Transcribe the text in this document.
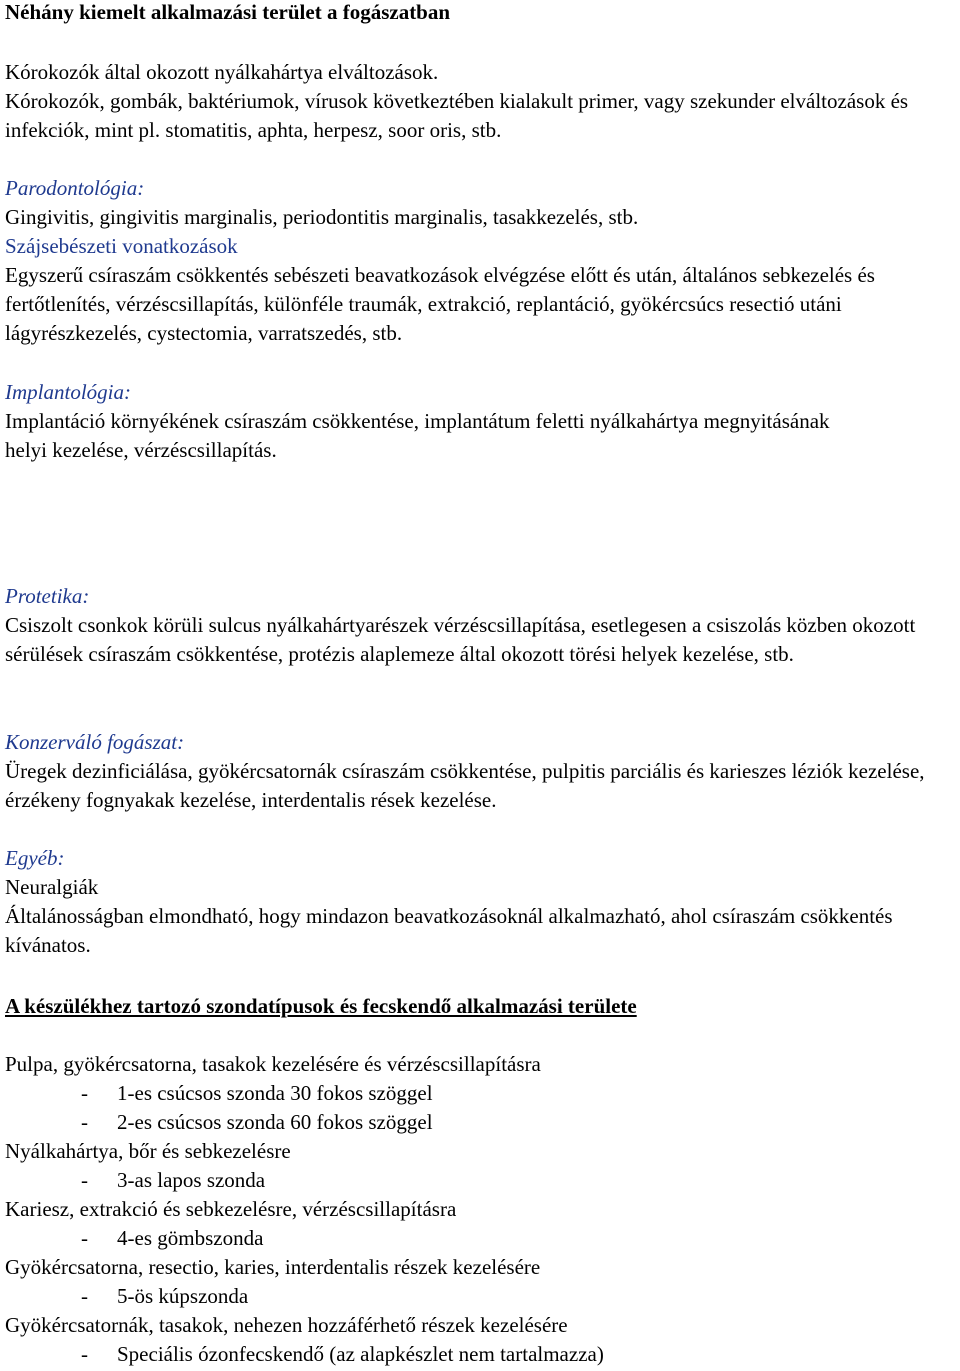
Néhány kiemelt alkalmazási terület a fogászatban

Kórokozók által okozott nyálkahártya elváltozások.

Kórokozók, gombák, baktériumok, vírusok következtében kialakult primer, vagy szekunder elváltozások és infekciók, mint pl. stomatitis, aphta, herpesz, soor oris, stb.

Parodontológia:

Gingivitis, gingivitis marginalis, periodontitis marginalis, tasakkezelés, stb.

Szájsebészeti vonatkozások

Egyszerű csíraszám csökkentés sebészeti beavatkozások elvégzése előtt és után, általános sebkezelés és fertőtlenítés, vérzéscsillapítás, különféle traumák, extrakció, replantáció, gyökércsúcs resectió utáni lágyrészkezelés, cystectomia, varratszedés, stb.

Implantológia:

Implantáció környékének csíraszám csökkentése, implantátum feletti nyálkahártya megnyitásának helyi kezelése, vérzéscsillapítás.

Protetika:

Csiszolt csonkok körüli sulcus nyálkahártyarészek vérzéscsillapítása, esetlegesen a csiszolás közben okozott sérülések csíraszám csökkentése, protézis alaplemeze által okozott törési helyek kezelése, stb.

Konzerváló fogászat:

Üregek dezinficiálása, gyökércsatornák csíraszám csökkentése, pulpitis parciális és karieszes léziók kezelése, érzékeny fognyakak kezelése, interdentalis rések kezelése.

Egyéb:

Neuralgiák

Általánosságban elmondható, hogy mindazon beavatkozásoknál alkalmazható, ahol csíraszám csökkentés kívánatos.

A készülékhez tartozó szondatípusok és fecskendő alkalmazási területe

Pulpa, gyökércsatorna, tasakok kezelésére és vérzéscsillapításra

- 1-es csúcsos szonda 30 fokos szöggel
- 2-es csúcsos szonda 60 fokos szöggel

Nyálkahártya, bőr és sebkezelésre

- 3-as lapos szonda

Kariesz, extrakció és sebkezelésre, vérzéscsillapításra

- 4-es gömbszonda

Gyökércsatorna, resectio, karies, interdentalis részek kezelésére

- 5-ös kúpszonda

Gyökércsatornák, tasakok, nehezen hozzáférhető részek kezelésére

- Speciális ózonfecskendő (az alapkészlet nem tartalmazza)
